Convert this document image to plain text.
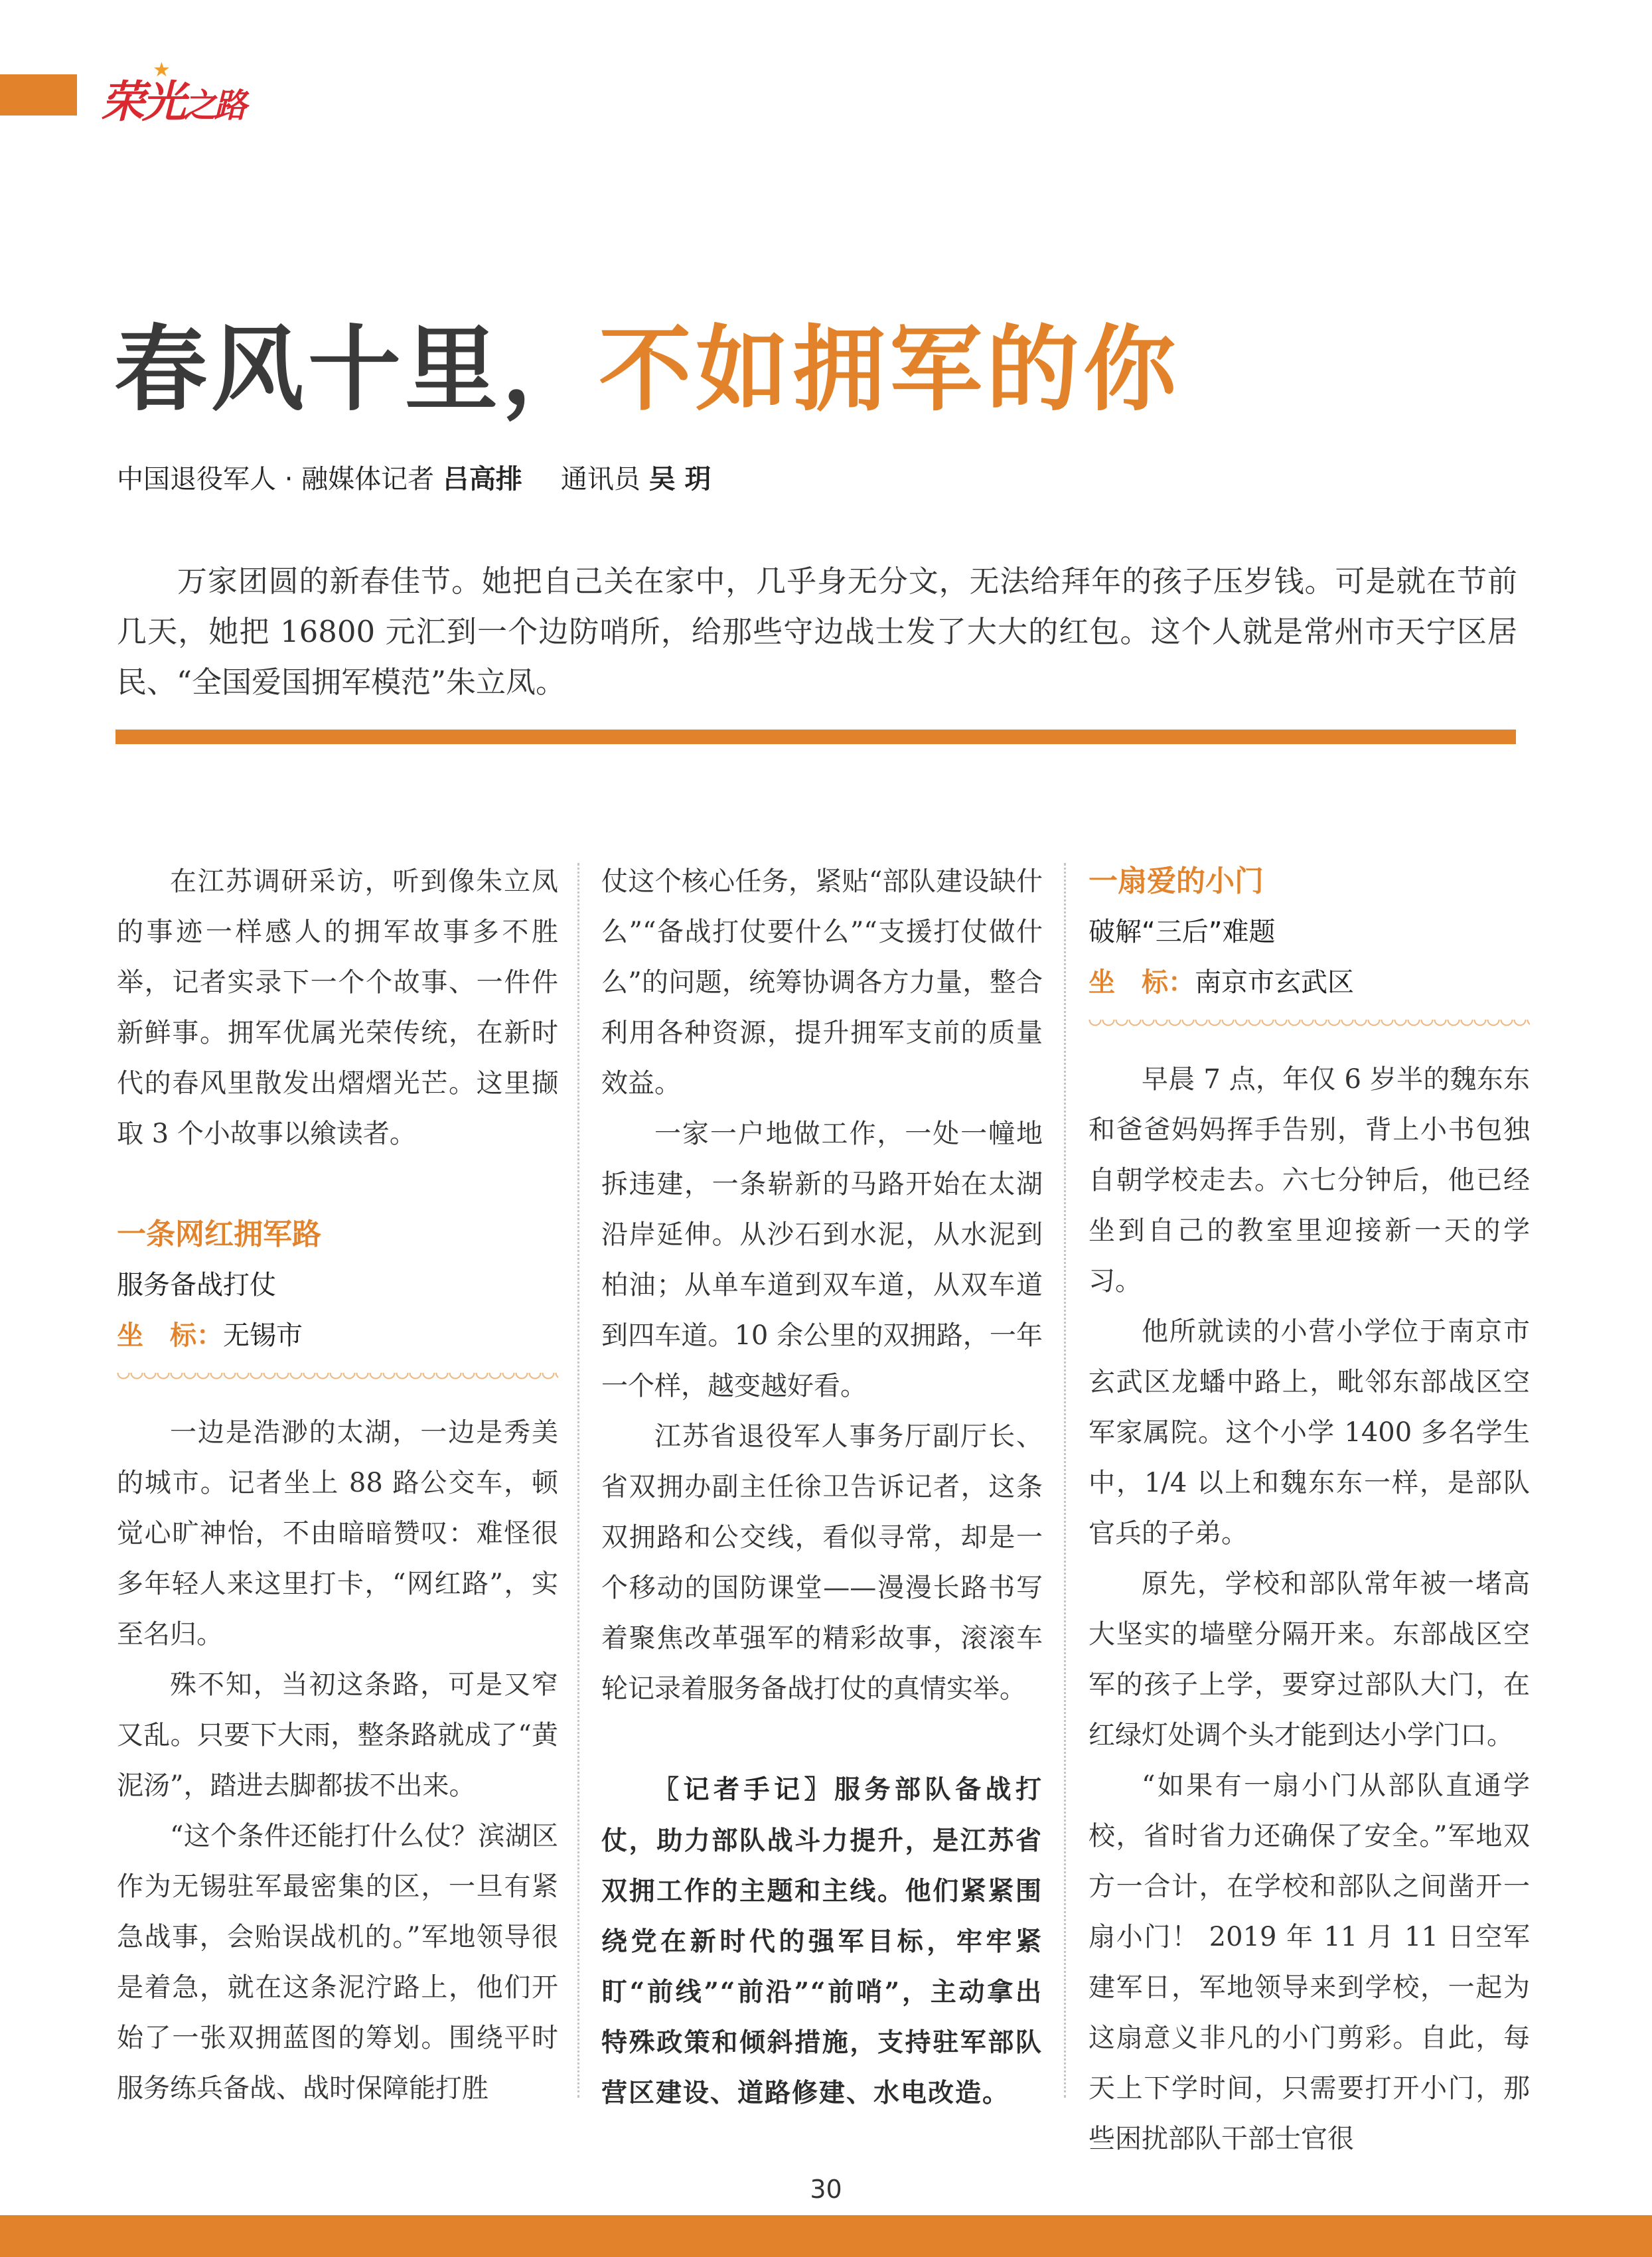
荣光之路
★
春风十里，不如拥军的你
中国退役军人 · 融媒体记者 吕高排 通讯员 吴 玥

万家团圆的新春佳节。她把自己关在家中，几乎身无分文，无法给拜年的孩子压岁钱。可是就在节前几天，她把 16800 元汇到一个边防哨所，给那些守边战士发了大大的红包。这个人就是常州市天宁区居民、“全国爱国拥军模范”朱立凤。

在江苏调研采访，听到像朱立凤的事迹一样感人的拥军故事多不胜举，记者实录下一个个故事、一件件新鲜事。拥军优属光荣传统，在新时代的春风里散发出熠熠光芒。这里撷取 3 个小故事以飨读者。

一条网红拥军路
服务备战打仗
坐　标：无锡市

一边是浩渺的太湖，一边是秀美的城市。记者坐上 88 路公交车，顿觉心旷神怡，不由暗暗赞叹：难怪很多年轻人来这里打卡，“网红路”，实至名归。

殊不知，当初这条路，可是又窄又乱。只要下大雨，整条路就成了“黄泥汤”，踏进去脚都拔不出来。

“这个条件还能打什么仗？滨湖区作为无锡驻军最密集的区，一旦有紧急战事，会贻误战机的。”军地领导很是着急，就在这条泥泞路上，他们开始了一张双拥蓝图的筹划。围绕平时服务练兵备战、战时保障能打胜

仗这个核心任务，紧贴“部队建设缺什么”“备战打仗要什么”“支援打仗做什么”的问题，统筹协调各方力量，整合利用各种资源，提升拥军支前的质量效益。

一家一户地做工作，一处一幢地拆违建，一条崭新的马路开始在太湖沿岸延伸。从沙石到水泥，从水泥到柏油；从单车道到双车道，从双车道到四车道。10 余公里的双拥路，一年一个样，越变越好看。

江苏省退役军人事务厅副厅长、省双拥办副主任徐卫告诉记者，这条双拥路和公交线，看似寻常，却是一个移动的国防课堂——漫漫长路书写着聚焦改革强军的精彩故事，滚滚车轮记录着服务备战打仗的真情实举。

〖记者手记〗服务部队备战打仗，助力部队战斗力提升，是江苏省双拥工作的主题和主线。他们紧紧围绕党在新时代的强军目标，牢牢紧盯“前线”“前沿”“前哨”，主动拿出特殊政策和倾斜措施，支持驻军部队营区建设、道路修建、水电改造。

一扇爱的小门
破解“三后”难题
坐　标：南京市玄武区

早晨 7 点，年仅 6 岁半的魏东东和爸爸妈妈挥手告别，背上小书包独自朝学校走去。六七分钟后，他已经坐到自己的教室里迎接新一天的学习。

他所就读的小营小学位于南京市玄武区龙蟠中路上，毗邻东部战区空军家属院。这个小学 1400 多名学生中，1/4 以上和魏东东一样，是部队官兵的子弟。

原先，学校和部队常年被一堵高大坚实的墙壁分隔开来。东部战区空军的孩子上学，要穿过部队大门，在红绿灯处调个头才能到达小学门口。

“如果有一扇小门从部队直通学校，省时省力还确保了安全。”军地双方一合计，在学校和部队之间凿开一扇小门！ 2019 年 11 月 11 日空军建军日，军地领导来到学校，一起为这扇意义非凡的小门剪彩。自此，每天上下学时间，只需要打开小门，那些困扰部队干部士官很

30
